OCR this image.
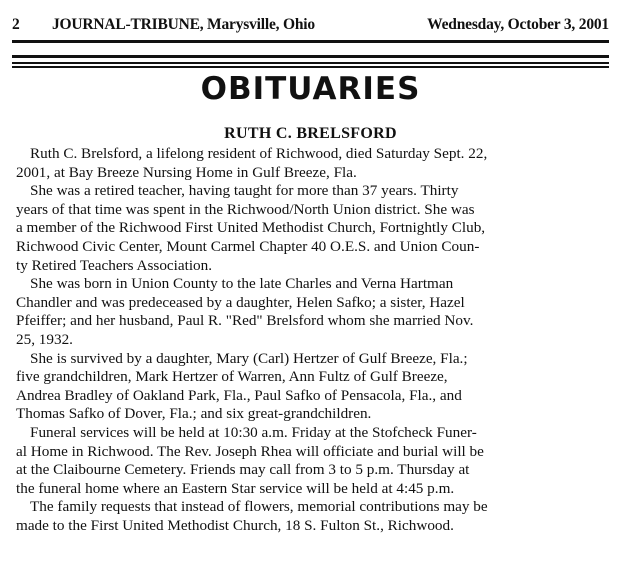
2	JOURNAL-TRIBUNE, Marysville, Ohio	Wednesday, October 3, 2001
OBITUARIES
RUTH C. BRELSFORD

Ruth C. Brelsford, a lifelong resident of Richwood, died Saturday Sept. 22,
2001, at Bay Breeze Nursing Home in Gulf Breeze, Fla.

She was a retired teacher, having taught for more than 37 years. Thirty
years of that time was spent in the Richwood/North Union district. She was
a member of the Richwood First United Methodist Church, Fortnightly Club,
Richwood Civic Center, Mount Carmel Chapter 40 O.E.S. and Union Coun-
ty Retired Teachers Association.

She was born in Union County to the late Charles and Verna Hartman
Chandler and was predeceased by a daughter, Helen Safko; a sister, Hazel
Pfeiffer; and her husband, Paul R. "Red" Brelsford whom she married Nov.
25, 1932.

She is survived by a daughter, Mary (Carl) Hertzer of Gulf Breeze, Fla.;
five grandchildren, Mark Hertzer of Warren, Ann Fultz of Gulf Breeze,
Andrea Bradley of Oakland Park, Fla., Paul Safko of Pensacola, Fla., and
Thomas Safko of Dover, Fla.; and six great-grandchildren.

Funeral services will be held at 10:30 a.m. Friday at the Stofcheck Funer-
al Home in Richwood. The Rev. Joseph Rhea will officiate and burial will be
at the Claibourne Cemetery. Friends may call from 3 to 5 p.m. Thursday at
the funeral home where an Eastern Star service will be held at 4:45 p.m.

The family requests that instead of flowers, memorial contributions may be
made to the First United Methodist Church, 18 S. Fulton St., Richwood.
